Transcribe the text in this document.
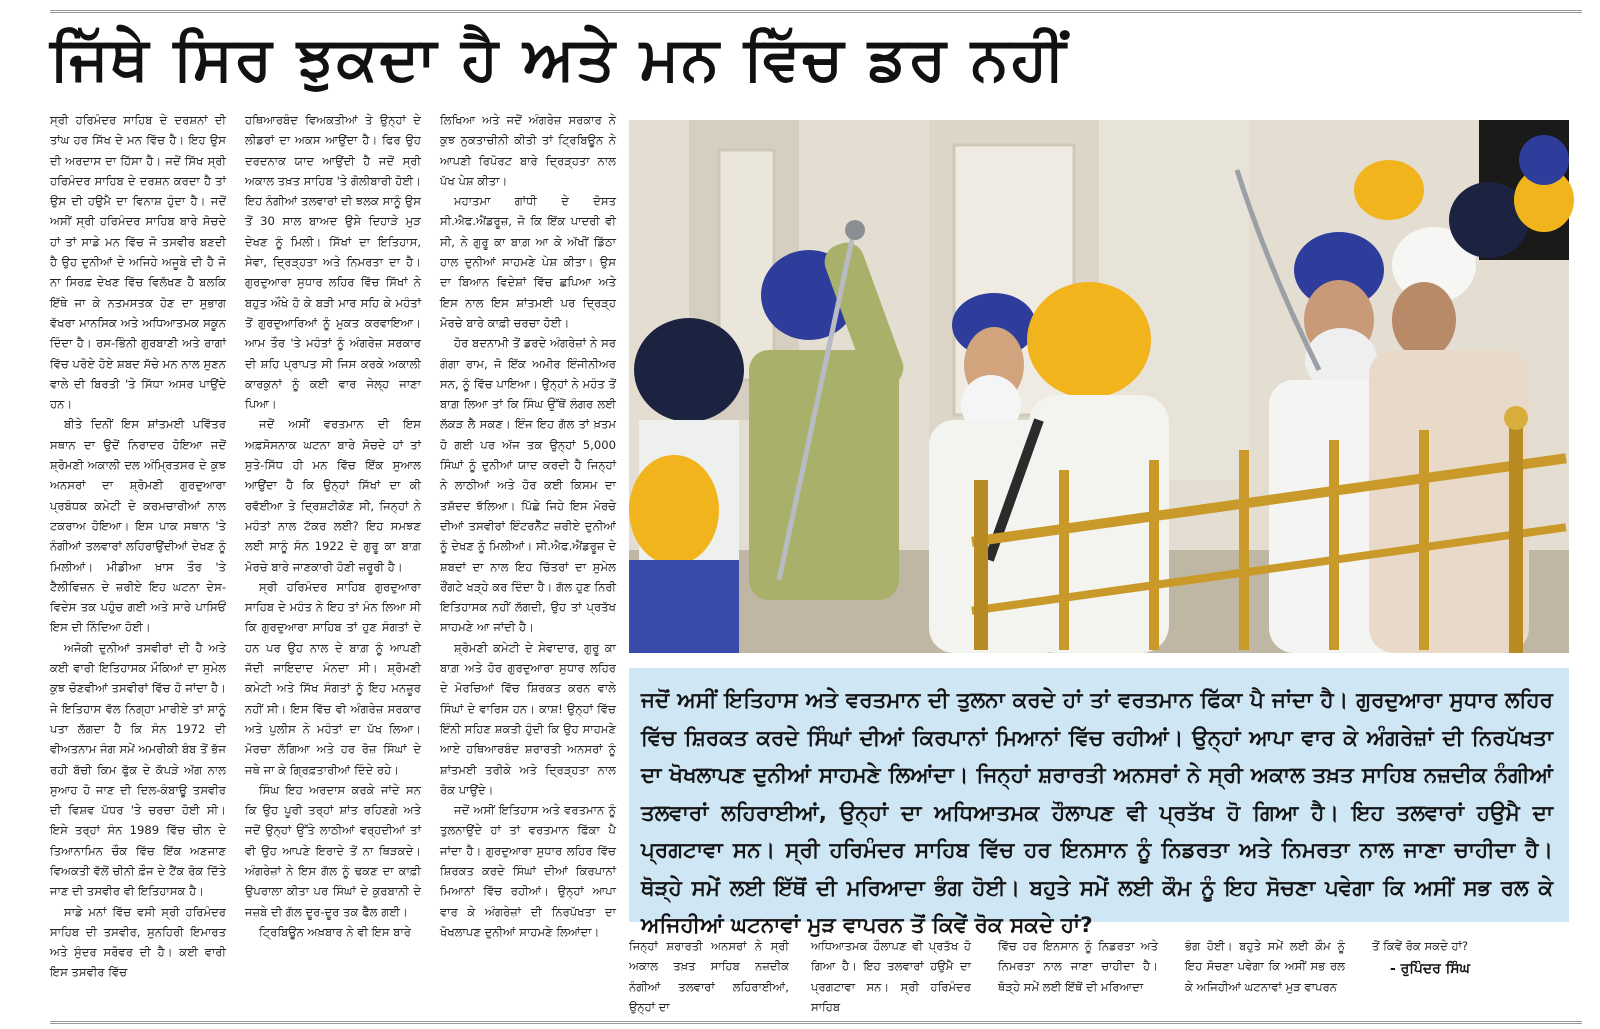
ਜਿੱਥੇ ਸਿਰ ਝੁਕਦਾ ਹੈ ਅਤੇ ਮਨ ਵਿੱਚ ਡਰ ਨਹੀਂ

ਸ੍ਰੀ ਹਰਿਮੰਦਰ ਸਾਹਿਬ ਦੇ ਦਰਸ਼ਨਾਂ ਦੀ ਤਾਂਘ ਹਰ ਸਿੱਖ ਦੇ ਮਨ ਵਿੱਚ ਹੈ। ਇਹ ਉਸ ਦੀ ਅਰਦਾਸ ਦਾ ਹਿੱਸਾ ਹੈ। ਜਦੋਂ ਸਿੱਖ ਸ੍ਰੀ ਹਰਿਮੰਦਰ ਸਾਹਿਬ ਦੇ ਦਰਸ਼ਨ ਕਰਦਾ ਹੈ ਤਾਂ ਉਸ ਦੀ ਹਉਮੈ ਦਾ ਵਿਨਾਸ਼ ਹੁੰਦਾ ਹੈ। ਜਦੋਂ ਅਸੀਂ ਸ੍ਰੀ ਹਰਿਮੰਦਰ ਸਾਹਿਬ ਬਾਰੇ ਸੋਚਦੇ ਹਾਂ ਤਾਂ ਸਾਡੇ ਮਨ ਵਿੱਚ ਜੋ ਤਸਵੀਰ ਬਣਦੀ ਹੈ ਉਹ ਦੁਨੀਆਂ ਦੇ ਅਜਿਹੇ ਅਜੂਬੇ ਦੀ ਹੈ ਜੋ ਨਾ ਸਿਰਫ਼ ਦੇਖਣ ਵਿੱਚ ਵਿਲੱਖਣ ਹੈ ਬਲਕਿ ਇੱਥੇ ਜਾ ਕੇ ਨਤਮਸਤਕ ਹੋਣ ਦਾ ਸੁਭਾਗ ਵੱਖਰਾ ਮਾਨਸਿਕ ਅਤੇ ਅਧਿਆਤਮਕ ਸਕੂਨ ਦਿੰਦਾ ਹੈ। ਰਸ-ਭਿੰਨੀ ਗੁਰਬਾਣੀ ਅਤੇ ਰਾਗਾਂ ਵਿੱਚ ਪਰੋਏ ਹੋਏ ਸ਼ਬਦ ਸੱਚੇ ਮਨ ਨਾਲ ਸੁਣਨ ਵਾਲੇ ਦੀ ਬਿਰਤੀ 'ਤੇ ਸਿੱਧਾ ਅਸਰ ਪਾਉਂਦੇ ਹਨ।

ਬੀਤੇ ਦਿਨੀਂ ਇਸ ਸ਼ਾਂਤਮਈ ਪਵਿੱਤਰ ਸਥਾਨ ਦਾ ਉਦੋਂ ਨਿਰਾਦਰ ਹੋਇਆ ਜਦੋਂ ਸ਼੍ਰੋਮਣੀ ਅਕਾਲੀ ਦਲ ਅੰਮ੍ਰਿਤਸਰ ਦੇ ਕੁਝ ਅਨਸਰਾਂ ਦਾ ਸ਼੍ਰੋਮਣੀ ਗੁਰਦੁਆਰਾ ਪ੍ਰਬੰਧਕ ਕਮੇਟੀ ਦੇ ਕਰਮਚਾਰੀਆਂ ਨਾਲ ਟਕਰਾਅ ਹੋਇਆ। ਇਸ ਪਾਕ ਸਥਾਨ 'ਤੇ ਨੰਗੀਆਂ ਤਲਵਾਰਾਂ ਲਹਿਰਾਉਂਦੀਆਂ ਦੇਖਣ ਨੂੰ ਮਿਲੀਆਂ। ਮੀਡੀਆ ਖ਼ਾਸ ਤੌਰ 'ਤੇ ਟੈਲੀਵਿਜ਼ਨ ਦੇ ਜ਼ਰੀਏ ਇਹ ਘਟਨਾ ਦੇਸ-ਵਿਦੇਸ ਤਕ ਪਹੁੰਚ ਗਈ ਅਤੇ ਸਾਰੇ ਪਾਸਿਓਂ ਇਸ ਦੀ ਨਿੰਦਿਆ ਹੋਈ।

ਅਜੋਕੀ ਦੁਨੀਆਂ ਤਸਵੀਰਾਂ ਦੀ ਹੈ ਅਤੇ ਕਈ ਵਾਰੀ ਇਤਿਹਾਸਕ ਮੌਕਿਆਂ ਦਾ ਸੁਮੇਲ ਕੁਝ ਚੋਣਵੀਆਂ ਤਸਵੀਰਾਂ ਵਿੱਚ ਹੋ ਜਾਂਦਾ ਹੈ। ਜੇ ਇਤਿਹਾਸ ਵੱਲ ਨਿਗ੍ਹਾ ਮਾਰੀਏ ਤਾਂ ਸਾਨੂੰ ਪਤਾ ਲੱਗਦਾ ਹੈ ਕਿ ਸੰਨ 1972 ਦੀ ਵੀਅਤਨਾਮ ਜੰਗ ਸਮੇਂ ਅਮਰੀਕੀ ਬੰਬ ਤੋਂ ਭੱਜ ਰਹੀ ਬੱਚੀ ਕਿਮ ਫੁੱਕ ਦੇ ਕੱਪੜੇ ਅੱਗ ਨਾਲ ਸੁਆਹ ਹੋ ਜਾਣ ਦੀ ਦਿਲ-ਕੰਬਾਊ ਤਸਵੀਰ ਦੀ ਵਿਸ਼ਵ ਪੱਧਰ 'ਤੇ ਚਰਚਾ ਹੋਈ ਸੀ। ਇਸੇ ਤਰ੍ਹਾਂ ਸੰਨ 1989 ਵਿੱਚ ਚੀਨ ਦੇ ਤਿਆਨਾਮਿਨ ਚੌਕ ਵਿੱਚ ਇੱਕ ਅਣਜਾਣ ਵਿਅਕਤੀ ਵੱਲੋਂ ਚੀਨੀ ਫ਼ੌਜ ਦੇ ਟੈਂਕ ਰੋਕ ਦਿੱਤੇ ਜਾਣ ਦੀ ਤਸਵੀਰ ਵੀ ਇਤਿਹਾਸਕ ਹੈ।

ਸਾਡੇ ਮਨਾਂ ਵਿੱਚ ਵਸੀ ਸ੍ਰੀ ਹਰਿਮੰਦਰ ਸਾਹਿਬ ਦੀ ਤਸਵੀਰ, ਸੁਨਹਿਰੀ ਇਮਾਰਤ ਅਤੇ ਸੁੰਦਰ ਸਰੋਵਰ ਦੀ ਹੈ। ਕਈ ਵਾਰੀ ਇਸ ਤਸਵੀਰ ਵਿੱਚ

ਹਥਿਆਰਬੰਦ ਵਿਅਕਤੀਆਂ ਤੇ ਉਨ੍ਹਾਂ ਦੇ ਲੀਡਰਾਂ ਦਾ ਅਕਸ ਆਉਂਦਾ ਹੈ। ਫਿਰ ਉਹ ਦਰਦਨਾਕ ਯਾਦ ਆਉਂਦੀ ਹੈ ਜਦੋਂ ਸ੍ਰੀ ਅਕਾਲ ਤਖ਼ਤ ਸਾਹਿਬ 'ਤੇ ਗੋਲੀਬਾਰੀ ਹੋਈ। ਇਹ ਨੰਗੀਆਂ ਤਲਵਾਰਾਂ ਦੀ ਝਲਕ ਸਾਨੂੰ ਉਸ ਤੋਂ 30 ਸਾਲ ਬਾਅਦ ਉਸੇ ਦਿਹਾੜੇ ਮੁੜ ਦੇਖਣ ਨੂੰ ਮਿਲੀ। ਸਿੱਖਾਂ ਦਾ ਇਤਿਹਾਸ, ਸੇਵਾ, ਦ੍ਰਿੜ੍ਹਤਾ ਅਤੇ ਨਿਮਰਤਾ ਦਾ ਹੈ। ਗੁਰਦੁਆਰਾ ਸੁਧਾਰ ਲਹਿਰ ਵਿੱਚ ਸਿੱਖਾਂ ਨੇ ਬਹੁਤ ਔਖੇ ਹੋ ਕੇ ਬੜੀ ਮਾਰ ਸਹਿ ਕੇ ਮਹੰਤਾਂ ਤੋਂ ਗੁਰਦੁਆਰਿਆਂ ਨੂੰ ਮੁਕਤ ਕਰਵਾਇਆ। ਆਮ ਤੌਰ 'ਤੇ ਮਹੰਤਾਂ ਨੂੰ ਅੰਗਰੇਜ਼ ਸਰਕਾਰ ਦੀ ਸ਼ਹਿ ਪ੍ਰਾਪਤ ਸੀ ਜਿਸ ਕਰਕੇ ਅਕਾਲੀ ਕਾਰਕੁਨਾਂ ਨੂੰ ਕਈ ਵਾਰ ਜੇਲ੍ਹ ਜਾਣਾ ਪਿਆ।

ਜਦੋਂ ਅਸੀਂ ਵਰਤਮਾਨ ਦੀ ਇਸ ਅਫ਼ਸੋਸਨਾਕ ਘਟਨਾ ਬਾਰੇ ਸੋਚਦੇ ਹਾਂ ਤਾਂ ਸੁਤੇ-ਸਿੱਧ ਹੀ ਮਨ ਵਿੱਚ ਇੱਕ ਸੁਆਲ ਆਉਂਦਾ ਹੈ ਕਿ ਉਨ੍ਹਾਂ ਸਿੱਖਾਂ ਦਾ ਕੀ ਰਵੱਈਆ ਤੇ ਦ੍ਰਿਸ਼ਟੀਕੋਣ ਸੀ, ਜਿਨ੍ਹਾਂ ਨੇ ਮਹੰਤਾਂ ਨਾਲ ਟੱਕਰ ਲਈ? ਇਹ ਸਮਝਣ ਲਈ ਸਾਨੂੰ ਸੰਨ 1922 ਦੇ ਗੁਰੂ ਕਾ ਬਾਗ਼ ਮੋਰਚੇ ਬਾਰੇ ਜਾਣਕਾਰੀ ਹੋਣੀ ਜ਼ਰੂਰੀ ਹੈ।

ਸ੍ਰੀ ਹਰਿਮੰਦਰ ਸਾਹਿਬ ਗੁਰਦੁਆਰਾ ਸਾਹਿਬ ਦੇ ਮਹੰਤ ਨੇ ਇਹ ਤਾਂ ਮੰਨ ਲਿਆ ਸੀ ਕਿ ਗੁਰਦੁਆਰਾ ਸਾਹਿਬ ਤਾਂ ਹੁਣ ਸੰਗਤਾਂ ਦੇ ਹਨ ਪਰ ਉਹ ਨਾਲ ਦੇ ਬਾਗ਼ ਨੂੰ ਆਪਣੀ ਜੱਦੀ ਜਾਇਦਾਦ ਮੰਨਦਾ ਸੀ। ਸ਼੍ਰੋਮਣੀ ਕਮੇਟੀ ਅਤੇ ਸਿੱਖ ਸੰਗਤਾਂ ਨੂੰ ਇਹ ਮਨਜ਼ੂਰ ਨਹੀਂ ਸੀ। ਇਸ ਵਿੱਚ ਵੀ ਅੰਗਰੇਜ਼ ਸਰਕਾਰ ਅਤੇ ਪੁਲੀਸ ਨੇ ਮਹੰਤਾਂ ਦਾ ਪੱਖ ਲਿਆ। ਮੋਰਚਾ ਲੱਗਿਆ ਅਤੇ ਹਰ ਰੋਜ਼ ਸਿੰਘਾਂ ਦੇ ਜਥੇ ਜਾ ਕੇ ਗ੍ਰਿਫ਼ਤਾਰੀਆਂ ਦਿੰਦੇ ਰਹੇ।

ਸਿੰਘ ਇਹ ਅਰਦਾਸ ਕਰਕੇ ਜਾਂਦੇ ਸਨ ਕਿ ਉਹ ਪੂਰੀ ਤਰ੍ਹਾਂ ਸ਼ਾਂਤ ਰਹਿਣਗੇ ਅਤੇ ਜਦੋਂ ਉਨ੍ਹਾਂ ਉੱਤੇ ਲਾਠੀਆਂ ਵਰ੍ਹਦੀਆਂ ਤਾਂ ਵੀ ਉਹ ਆਪਣੇ ਇਰਾਦੇ ਤੋਂ ਨਾ ਥਿੜਕਦੇ। ਅੰਗਰੇਜ਼ਾਂ ਨੇ ਇਸ ਗੱਲ ਨੂੰ ਢਕਣ ਦਾ ਕਾਫ਼ੀ ਉਪਰਾਲਾ ਕੀਤਾ ਪਰ ਸਿੰਘਾਂ ਦੇ ਕੁਰਬਾਨੀ ਦੇ ਜਜ਼ਬੇ ਦੀ ਗੱਲ ਦੂਰ-ਦੂਰ ਤਕ ਫੈਲ ਗਈ।

ਟ੍ਰਿਬਿਊਨ ਅਖ਼ਬਾਰ ਨੇ ਵੀ ਇਸ ਬਾਰੇ

ਲਿਖਿਆ ਅਤੇ ਜਦੋਂ ਅੰਗਰੇਜ਼ ਸਰਕਾਰ ਨੇ ਕੁਝ ਨੁਕਤਾਚੀਨੀ ਕੀਤੀ ਤਾਂ ਟ੍ਰਿਬਿਊਨ ਨੇ ਆਪਣੀ ਰਿਪੋਰਟ ਬਾਰੇ ਦ੍ਰਿੜ੍ਹਤਾ ਨਾਲ ਪੱਖ ਪੇਸ਼ ਕੀਤਾ।

ਮਹਾਤਮਾ ਗਾਂਧੀ ਦੇ ਦੋਸਤ ਸੀ.ਐਫ.ਐਂਡਰੂਜ਼, ਜੋ ਕਿ ਇੱਕ ਪਾਦਰੀ ਵੀ ਸੀ, ਨੇ ਗੁਰੂ ਕਾ ਬਾਗ਼ ਆ ਕੇ ਅੱਖੀਂ ਡਿੱਠਾ ਹਾਲ ਦੁਨੀਆਂ ਸਾਹਮਣੇ ਪੇਸ਼ ਕੀਤਾ। ਉਸ ਦਾ ਬਿਆਨ ਵਿਦੇਸ਼ਾਂ ਵਿੱਚ ਛਪਿਆ ਅਤੇ ਇਸ ਨਾਲ ਇਸ ਸ਼ਾਂਤਮਈ ਪਰ ਦ੍ਰਿੜ੍ਹ ਮੋਰਚੇ ਬਾਰੇ ਕਾਫ਼ੀ ਚਰਚਾ ਹੋਈ।

ਹੋਰ ਬਦਨਾਮੀ ਤੋਂ ਡਰਦੇ ਅੰਗਰੇਜ਼ਾਂ ਨੇ ਸਰ ਗੰਗਾ ਰਾਮ, ਜੋ ਇੱਕ ਅਮੀਰ ਇੰਜੀਨੀਅਰ ਸਨ, ਨੂੰ ਵਿੱਚ ਪਾਇਆ। ਉਨ੍ਹਾਂ ਨੇ ਮਹੰਤ ਤੋਂ ਬਾਗ਼ ਲਿਆ ਤਾਂ ਕਿ ਸਿੰਘ ਉੱਥੋਂ ਲੰਗਰ ਲਈ ਲੱਕੜ ਲੈ ਸਕਣ। ਇੰਜ ਇਹ ਗੱਲ ਤਾਂ ਖ਼ਤਮ ਹੋ ਗਈ ਪਰ ਅੱਜ ਤਕ ਉਨ੍ਹਾਂ 5,000 ਸਿੰਘਾਂ ਨੂੰ ਦੁਨੀਆਂ ਯਾਦ ਕਰਦੀ ਹੈ ਜਿਨ੍ਹਾਂ ਨੇ ਲਾਠੀਆਂ ਅਤੇ ਹੋਰ ਕਈ ਕਿਸਮ ਦਾ ਤਸ਼ੱਦਦ ਝੱਲਿਆ। ਪਿੱਛੇ ਜਿਹੇ ਇਸ ਮੋਰਚੇ ਦੀਆਂ ਤਸਵੀਰਾਂ ਇੰਟਰਨੈੱਟ ਜ਼ਰੀਏ ਦੁਨੀਆਂ ਨੂੰ ਦੇਖਣ ਨੂੰ ਮਿਲੀਆਂ। ਸੀ.ਐਫ.ਐਂਡਰੂਜ਼ ਦੇ ਸ਼ਬਦਾਂ ਦਾ ਨਾਲ ਇਹ ਚਿੱਤਰਾਂ ਦਾ ਸੁਮੇਲ ਰੌਂਗਟੇ ਖੜ੍ਹੇ ਕਰ ਦਿੰਦਾ ਹੈ। ਗੱਲ ਹੁਣ ਨਿਰੀ ਇਤਿਹਾਸਕ ਨਹੀਂ ਲੱਗਦੀ, ਉਹ ਤਾਂ ਪ੍ਰਤੱਖ ਸਾਹਮਣੇ ਆ ਜਾਂਦੀ ਹੈ।

ਸ਼੍ਰੋਮਣੀ ਕਮੇਟੀ ਦੇ ਸੇਵਾਦਾਰ, ਗੁਰੂ ਕਾ ਬਾਗ਼ ਅਤੇ ਹੋਰ ਗੁਰਦੁਆਰਾ ਸੁਧਾਰ ਲਹਿਰ ਦੇ ਮੋਰਚਿਆਂ ਵਿੱਚ ਸ਼ਿਰਕਤ ਕਰਨ ਵਾਲੇ ਸਿੰਘਾਂ ਦੇ ਵਾਰਿਸ ਹਨ। ਕਾਸ਼! ਉਨ੍ਹਾਂ ਵਿੱਚ ਇੰਨੀ ਸਹਿਣ ਸ਼ਕਤੀ ਹੁੰਦੀ ਕਿ ਉਹ ਸਾਹਮਣੇ ਆਏ ਹਥਿਆਰਬੰਦ ਸ਼ਰਾਰਤੀ ਅਨਸਰਾਂ ਨੂੰ ਸ਼ਾਂਤਮਈ ਤਰੀਕੇ ਅਤੇ ਦ੍ਰਿੜ੍ਹਤਾ ਨਾਲ ਰੋਕ ਪਾਉਂਦੇ।

ਜਦੋਂ ਅਸੀਂ ਇਤਿਹਾਸ ਅਤੇ ਵਰਤਮਾਨ ਨੂੰ ਤੁਲਨਾਉਂਦੇ ਹਾਂ ਤਾਂ ਵਰਤਮਾਨ ਫਿੱਕਾ ਪੈ ਜਾਂਦਾ ਹੈ। ਗੁਰਦੁਆਰਾ ਸੁਧਾਰ ਲਹਿਰ ਵਿੱਚ ਸ਼ਿਰਕਤ ਕਰਦੇ ਸਿੰਘਾਂ ਦੀਆਂ ਕਿਰਪਾਨਾਂ ਮਿਆਨਾਂ ਵਿੱਚ ਰਹੀਆਂ। ਉਨ੍ਹਾਂ ਆਪਾ ਵਾਰ ਕੇ ਅੰਗਰੇਜ਼ਾਂ ਦੀ ਨਿਰਪੱਖਤਾ ਦਾ ਖੋਖਲਾਪਣ ਦੁਨੀਆਂ ਸਾਹਮਣੇ ਲਿਆਂਦਾ।

ਜਦੋਂ ਅਸੀਂ ਇਤਿਹਾਸ ਅਤੇ ਵਰਤਮਾਨ ਦੀ ਤੁਲਨਾ ਕਰਦੇ ਹਾਂ ਤਾਂ ਵਰਤਮਾਨ ਫਿੱਕਾ ਪੈ ਜਾਂਦਾ ਹੈ। ਗੁਰਦੁਆਰਾ ਸੁਧਾਰ ਲਹਿਰ ਵਿੱਚ ਸ਼ਿਰਕਤ ਕਰਦੇ ਸਿੰਘਾਂ ਦੀਆਂ ਕਿਰਪਾਨਾਂ ਮਿਆਨਾਂ ਵਿੱਚ ਰਹੀਆਂ। ਉਨ੍ਹਾਂ ਆਪਾ ਵਾਰ ਕੇ ਅੰਗਰੇਜ਼ਾਂ ਦੀ ਨਿਰਪੱਖਤਾ ਦਾ ਖੋਖਲਾਪਣ ਦੁਨੀਆਂ ਸਾਹਮਣੇ ਲਿਆਂਦਾ। ਜਿਨ੍ਹਾਂ ਸ਼ਰਾਰਤੀ ਅਨਸਰਾਂ ਨੇ ਸ੍ਰੀ ਅਕਾਲ ਤਖ਼ਤ ਸਾਹਿਬ ਨਜ਼ਦੀਕ ਨੰਗੀਆਂ ਤਲਵਾਰਾਂ ਲਹਿਰਾਈਆਂ, ਉਨ੍ਹਾਂ ਦਾ ਅਧਿਆਤਮਕ ਹੌਲਾਪਣ ਵੀ ਪ੍ਰਤੱਖ ਹੋ ਗਿਆ ਹੈ। ਇਹ ਤਲਵਾਰਾਂ ਹਉਮੈ ਦਾ ਪ੍ਰਗਟਾਵਾ ਸਨ। ਸ੍ਰੀ ਹਰਿਮੰਦਰ ਸਾਹਿਬ ਵਿੱਚ ਹਰ ਇਨਸਾਨ ਨੂੰ ਨਿਡਰਤਾ ਅਤੇ ਨਿਮਰਤਾ ਨਾਲ ਜਾਣਾ ਚਾਹੀਦਾ ਹੈ। ਥੋੜ੍ਹੇ ਸਮੇਂ ਲਈ ਇੱਥੋਂ ਦੀ ਮਰਿਆਦਾ ਭੰਗ ਹੋਈ। ਬਹੁਤੇ ਸਮੇਂ ਲਈ ਕੌਮ ਨੂੰ ਇਹ ਸੋਚਣਾ ਪਵੇਗਾ ਕਿ ਅਸੀਂ ਸਭ ਰਲ ਕੇ ਅਜਿਹੀਆਂ ਘਟਨਾਵਾਂ ਮੁੜ ਵਾਪਰਨ ਤੋਂ ਕਿਵੇਂ ਰੋਕ ਸਕਦੇ ਹਾਂ?

ਜਿਨ੍ਹਾਂ ਸ਼ਰਾਰਤੀ ਅਨਸਰਾਂ ਨੇ ਸ੍ਰੀ ਅਕਾਲ ਤਖ਼ਤ ਸਾਹਿਬ ਨਜ਼ਦੀਕ ਨੰਗੀਆਂ ਤਲਵਾਰਾਂ ਲਹਿਰਾਈਆਂ, ਉਨ੍ਹਾਂ ਦਾ

ਅਧਿਆਤਮਕ ਹੌਲਾਪਣ ਵੀ ਪ੍ਰਤੱਖ ਹੋ ਗਿਆ ਹੈ। ਇਹ ਤਲਵਾਰਾਂ ਹਉਮੈ ਦਾ ਪ੍ਰਗਟਾਵਾ ਸਨ। ਸ੍ਰੀ ਹਰਿਮੰਦਰ ਸਾਹਿਬ

ਵਿੱਚ ਹਰ ਇਨਸਾਨ ਨੂੰ ਨਿਡਰਤਾ ਅਤੇ ਨਿਮਰਤਾ ਨਾਲ ਜਾਣਾ ਚਾਹੀਦਾ ਹੈ। ਥੋੜ੍ਹੇ ਸਮੇਂ ਲਈ ਇੱਥੋਂ ਦੀ ਮਰਿਆਦਾ

ਭੰਗ ਹੋਈ। ਬਹੁਤੇ ਸਮੇਂ ਲਈ ਕੌਮ ਨੂੰ ਇਹ ਸੋਚਣਾ ਪਵੇਗਾ ਕਿ ਅਸੀਂ ਸਭ ਰਲ ਕੇ ਅਜਿਹੀਆਂ ਘਟਨਾਵਾਂ ਮੁੜ ਵਾਪਰਨ

ਤੋਂ ਕਿਵੇਂ ਰੋਕ ਸਕਦੇ ਹਾਂ?

- ਰੁਪਿੰਦਰ ਸਿੰਘ
